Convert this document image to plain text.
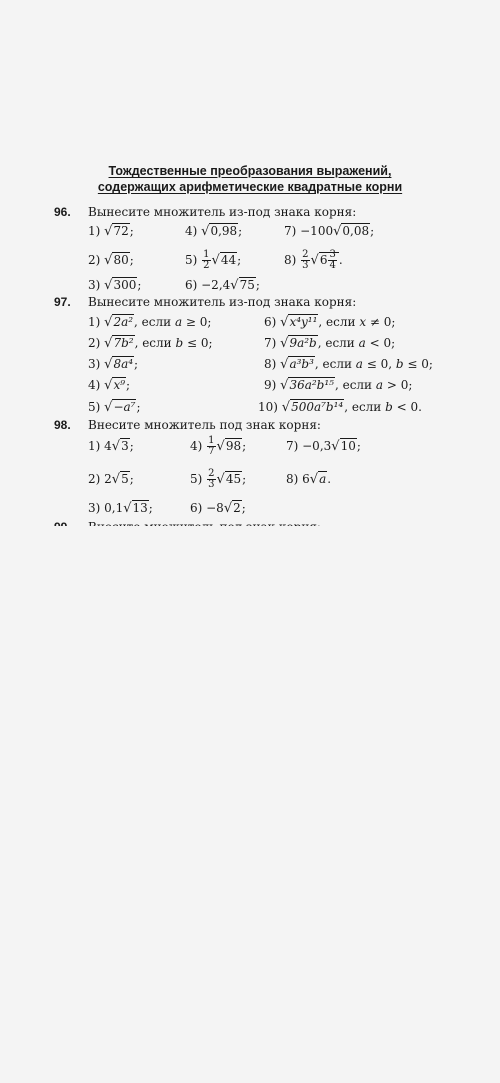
Тождественные преобразования выражений,
содержащих арифметические квадратные корни
96. Вынесите множитель из-под знака корня:
1) √72;	4) √0,98;	7) −100√0,08;
2) √80;	$5) \frac{1}{2} √44$;	$8) \frac{2}{3} √6 \frac{3}{4}$ .
3) √300;	6) −2,4√75;
97. Вынесите множитель из-под знака корня:
1) √2a², если a ≥ 0;	6) √x⁴y¹¹, если x ≠ 0;
2) √7b², если b ≤ 0;	7) √9a²b, если a < 0;
3) √8a⁴;	8) √a³b³, если a ≤ 0, b ≤ 0;
4) √x⁹;	9) √36a²b¹⁵, если a > 0;
5) √−a⁷;	10) √500a⁷b¹⁴, если b < 0.
98. Внесите множитель под знак корня:
1) 4√3;	$4) \frac{1}{7} √98$;	7) −0,3√10;
2) 2√5;	$5) \frac{2}{3} √45$;	8) 6√a.
3) 0,1√13;	6) −8√2;
